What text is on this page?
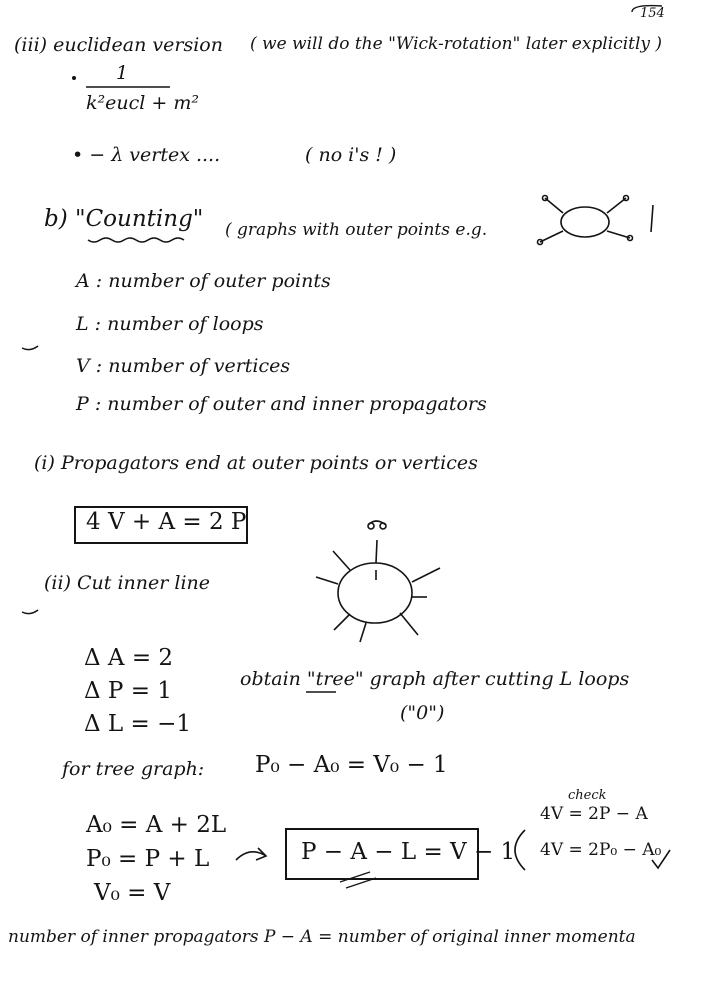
154
(iii) euclidean version ( we will do the "Wick-rotation" later explicitly )
1
k²eucl + m²
• − λ vertex ....	( no i's ! )
b) "Counting" ( graphs with outer points e.g.
A : number of outer points
L : number of loops
V : number of vertices
P : number of outer and inner propagators
(i) Propagators end at outer points or vertices
4 V + A = 2 P
(ii) Cut inner line
Δ A = 2
Δ P = 1
Δ L = −1
obtain "tree" graph after cutting L loops
("0")
for tree graph: P₀ − A₀ = V₀ − 1
A₀ = A + 2L
P₀ = P + L
V₀ = V
P − A − L = V − 1
check
4V = 2P − A
4V = 2P₀ − A₀
number of inner propagators P − A = number of original inner momenta
